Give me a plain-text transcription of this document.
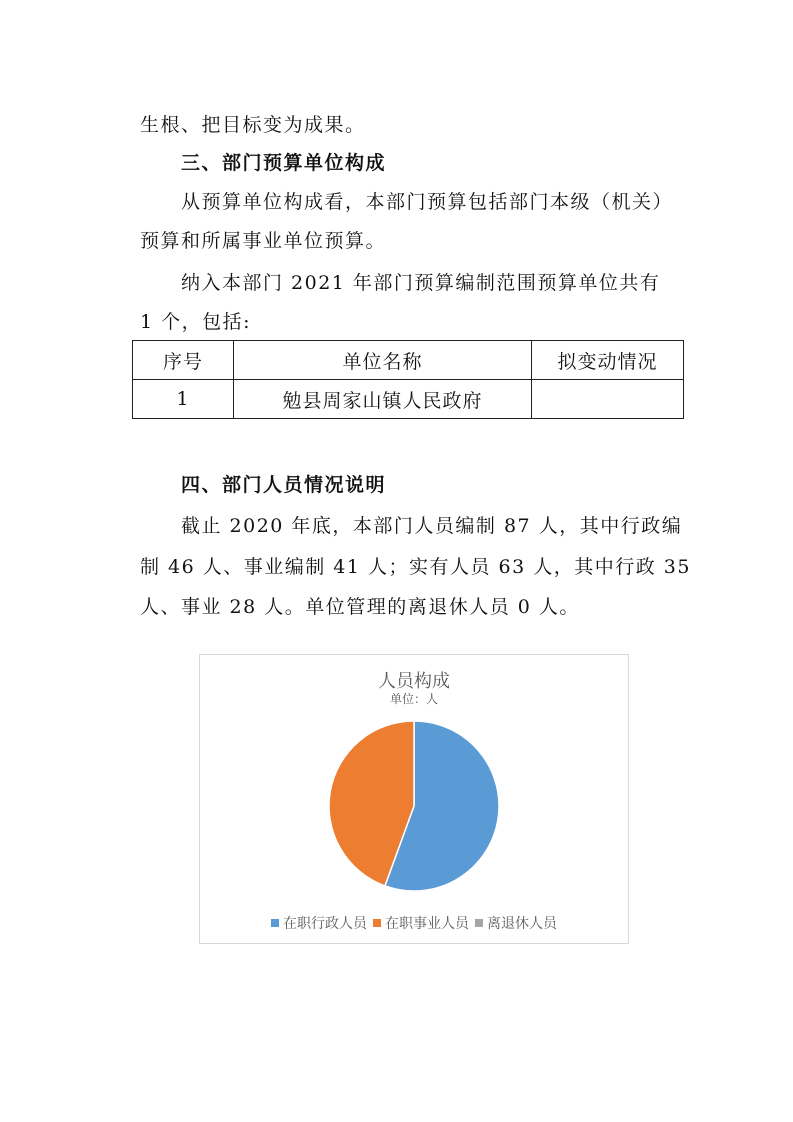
生根、把目标变为成果。
三、部门预算单位构成
从预算单位构成看，本部门预算包括部门本级（机关）
预算和所属事业单位预算。
纳入本部门 2021 年部门预算编制范围预算单位共有
1 个，包括:
序号	单位名称	拟变动情况
1	勉县周家山镇人民政府	
四、部门人员情况说明
截止 2020 年底，本部门人员编制 87 人，其中行政编
制 46 人、事业编制 41 人；实有人员 63 人，其中行政 35
人、事业 28 人。单位管理的离退休人员 0 人。
人员构成
单位：人
在职行政人员 在职事业人员 离退休人员
